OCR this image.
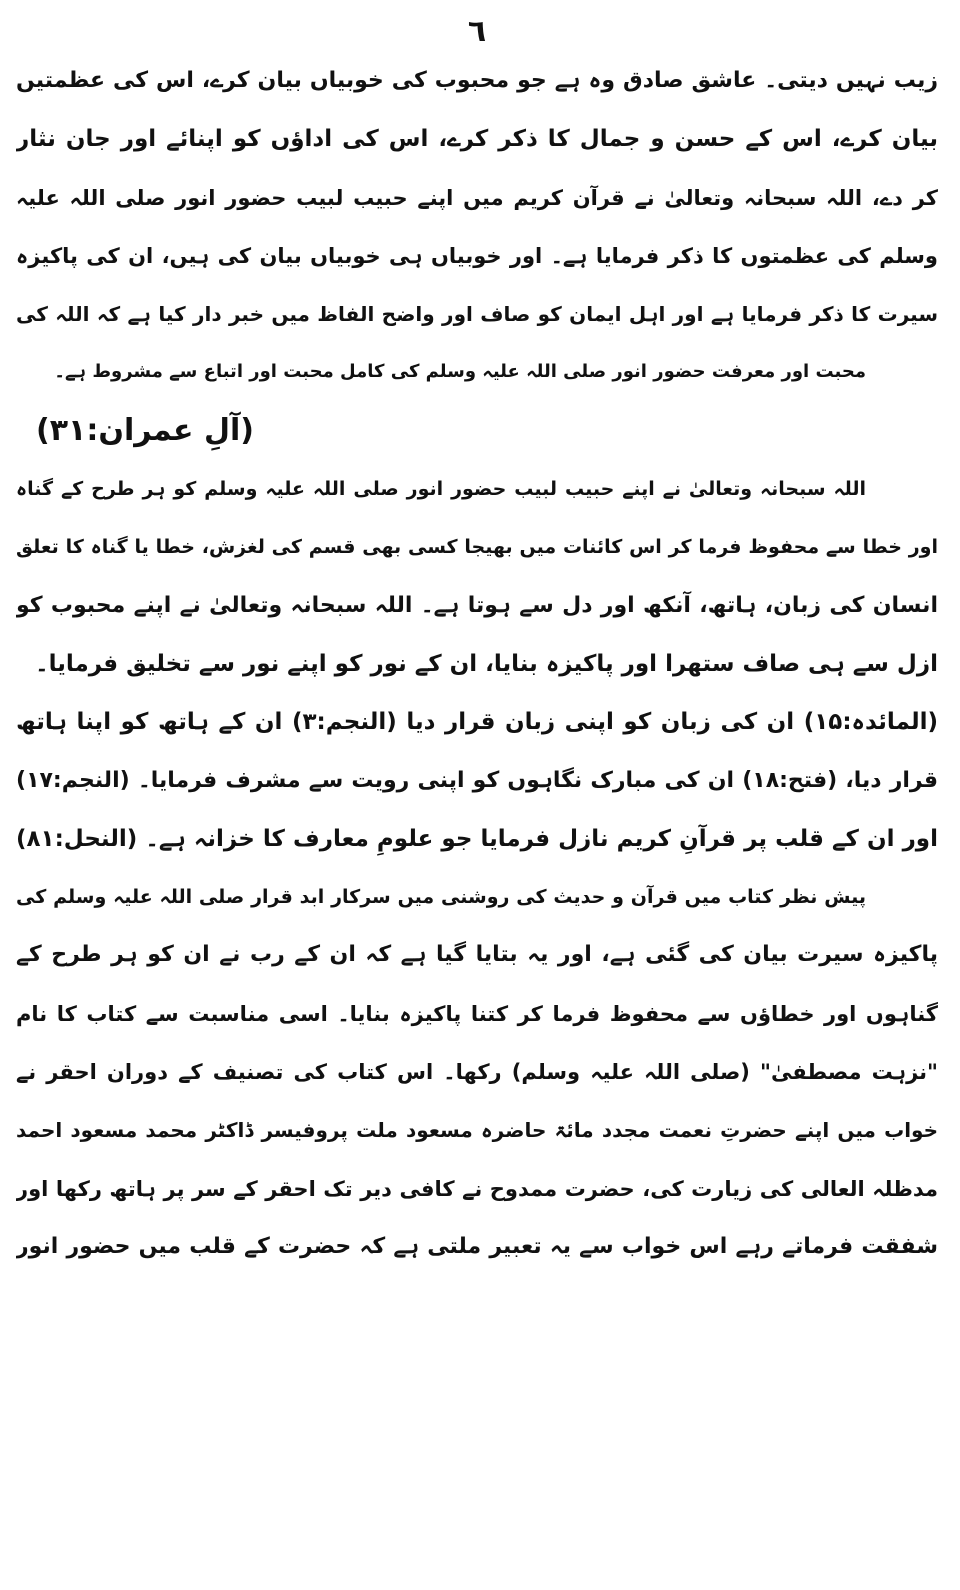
٦
زیب نہیں دیتی۔ عاشق صادق وہ ہے جو محبوب کی خوبیاں بیان کرے، اس کی عظمتیں
بیان کرے، اس کے حسن و جمال کا ذکر کرے، اس کی اداؤں کو اپنائے اور جان نثار
کر دے، اللہ سبحانہ وتعالیٰ نے قرآن کریم میں اپنے حبیب لبیب حضور انور صلی اللہ علیہ
وسلم کی عظمتوں کا ذکر فرمایا ہے۔ اور خوبیاں ہی خوبیاں بیان کی ہیں، ان کی پاکیزہ
سیرت کا ذکر فرمایا ہے اور اہل ایمان کو صاف اور واضح الفاظ میں خبر دار کیا ہے کہ اللہ کی
محبت اور معرفت حضور انور صلی اللہ علیہ وسلم کی کامل محبت اور اتباع سے مشروط ہے۔
(آلِ عمران:۳۱)
اللہ سبحانہ وتعالیٰ نے اپنے حبیب لبیب حضور انور صلی اللہ علیہ وسلم کو ہر طرح کے گناہ
اور خطا سے محفوظ فرما کر اس کائنات میں بھیجا کسی بھی قسم کی لغزش، خطا یا گناہ کا تعلق
انسان کی زبان، ہاتھ، آنکھ اور دل سے ہوتا ہے۔ اللہ سبحانہ وتعالیٰ نے اپنے محبوب کو
ازل سے ہی صاف ستھرا اور پاکیزہ بنایا، ان کے نور کو اپنے نور سے تخلیق فرمایا۔
(المائدہ:۱۵) ان کی زبان کو اپنی زبان قرار دیا (النجم:۳) ان کے ہاتھ کو اپنا ہاتھ
قرار دیا، (فتح:۱۸) ان کی مبارک نگاہوں کو اپنی رویت سے مشرف فرمایا۔ (النجم:۱۷)
اور ان کے قلب پر قرآنِ کریم نازل فرمایا جو علومِ معارف کا خزانہ ہے۔ (النحل:۸۱)
پیش نظر کتاب میں قرآن و حدیث کی روشنی میں سرکار ابد قرار صلی اللہ علیہ وسلم کی
پاکیزہ سیرت بیان کی گئی ہے، اور یہ بتایا گیا ہے کہ ان کے رب نے ان کو ہر طرح کے
گناہوں اور خطاؤں سے محفوظ فرما کر کتنا پاکیزہ بنایا۔ اسی مناسبت سے کتاب کا نام
"نزہت مصطفیٰ" (صلی اللہ علیہ وسلم) رکھا۔ اس کتاب کی تصنیف کے دوران احقر نے
خواب میں اپنے حضرتِ نعمت مجدد مائۃ حاضرہ مسعود ملت پروفیسر ڈاکٹر محمد مسعود احمد
مدظلہ العالی کی زیارت کی، حضرت ممدوح نے کافی دیر تک احقر کے سر پر ہاتھ رکھا اور
شفقت فرماتے رہے اس خواب سے یہ تعبیر ملتی ہے کہ حضرت کے قلب میں حضور انور
